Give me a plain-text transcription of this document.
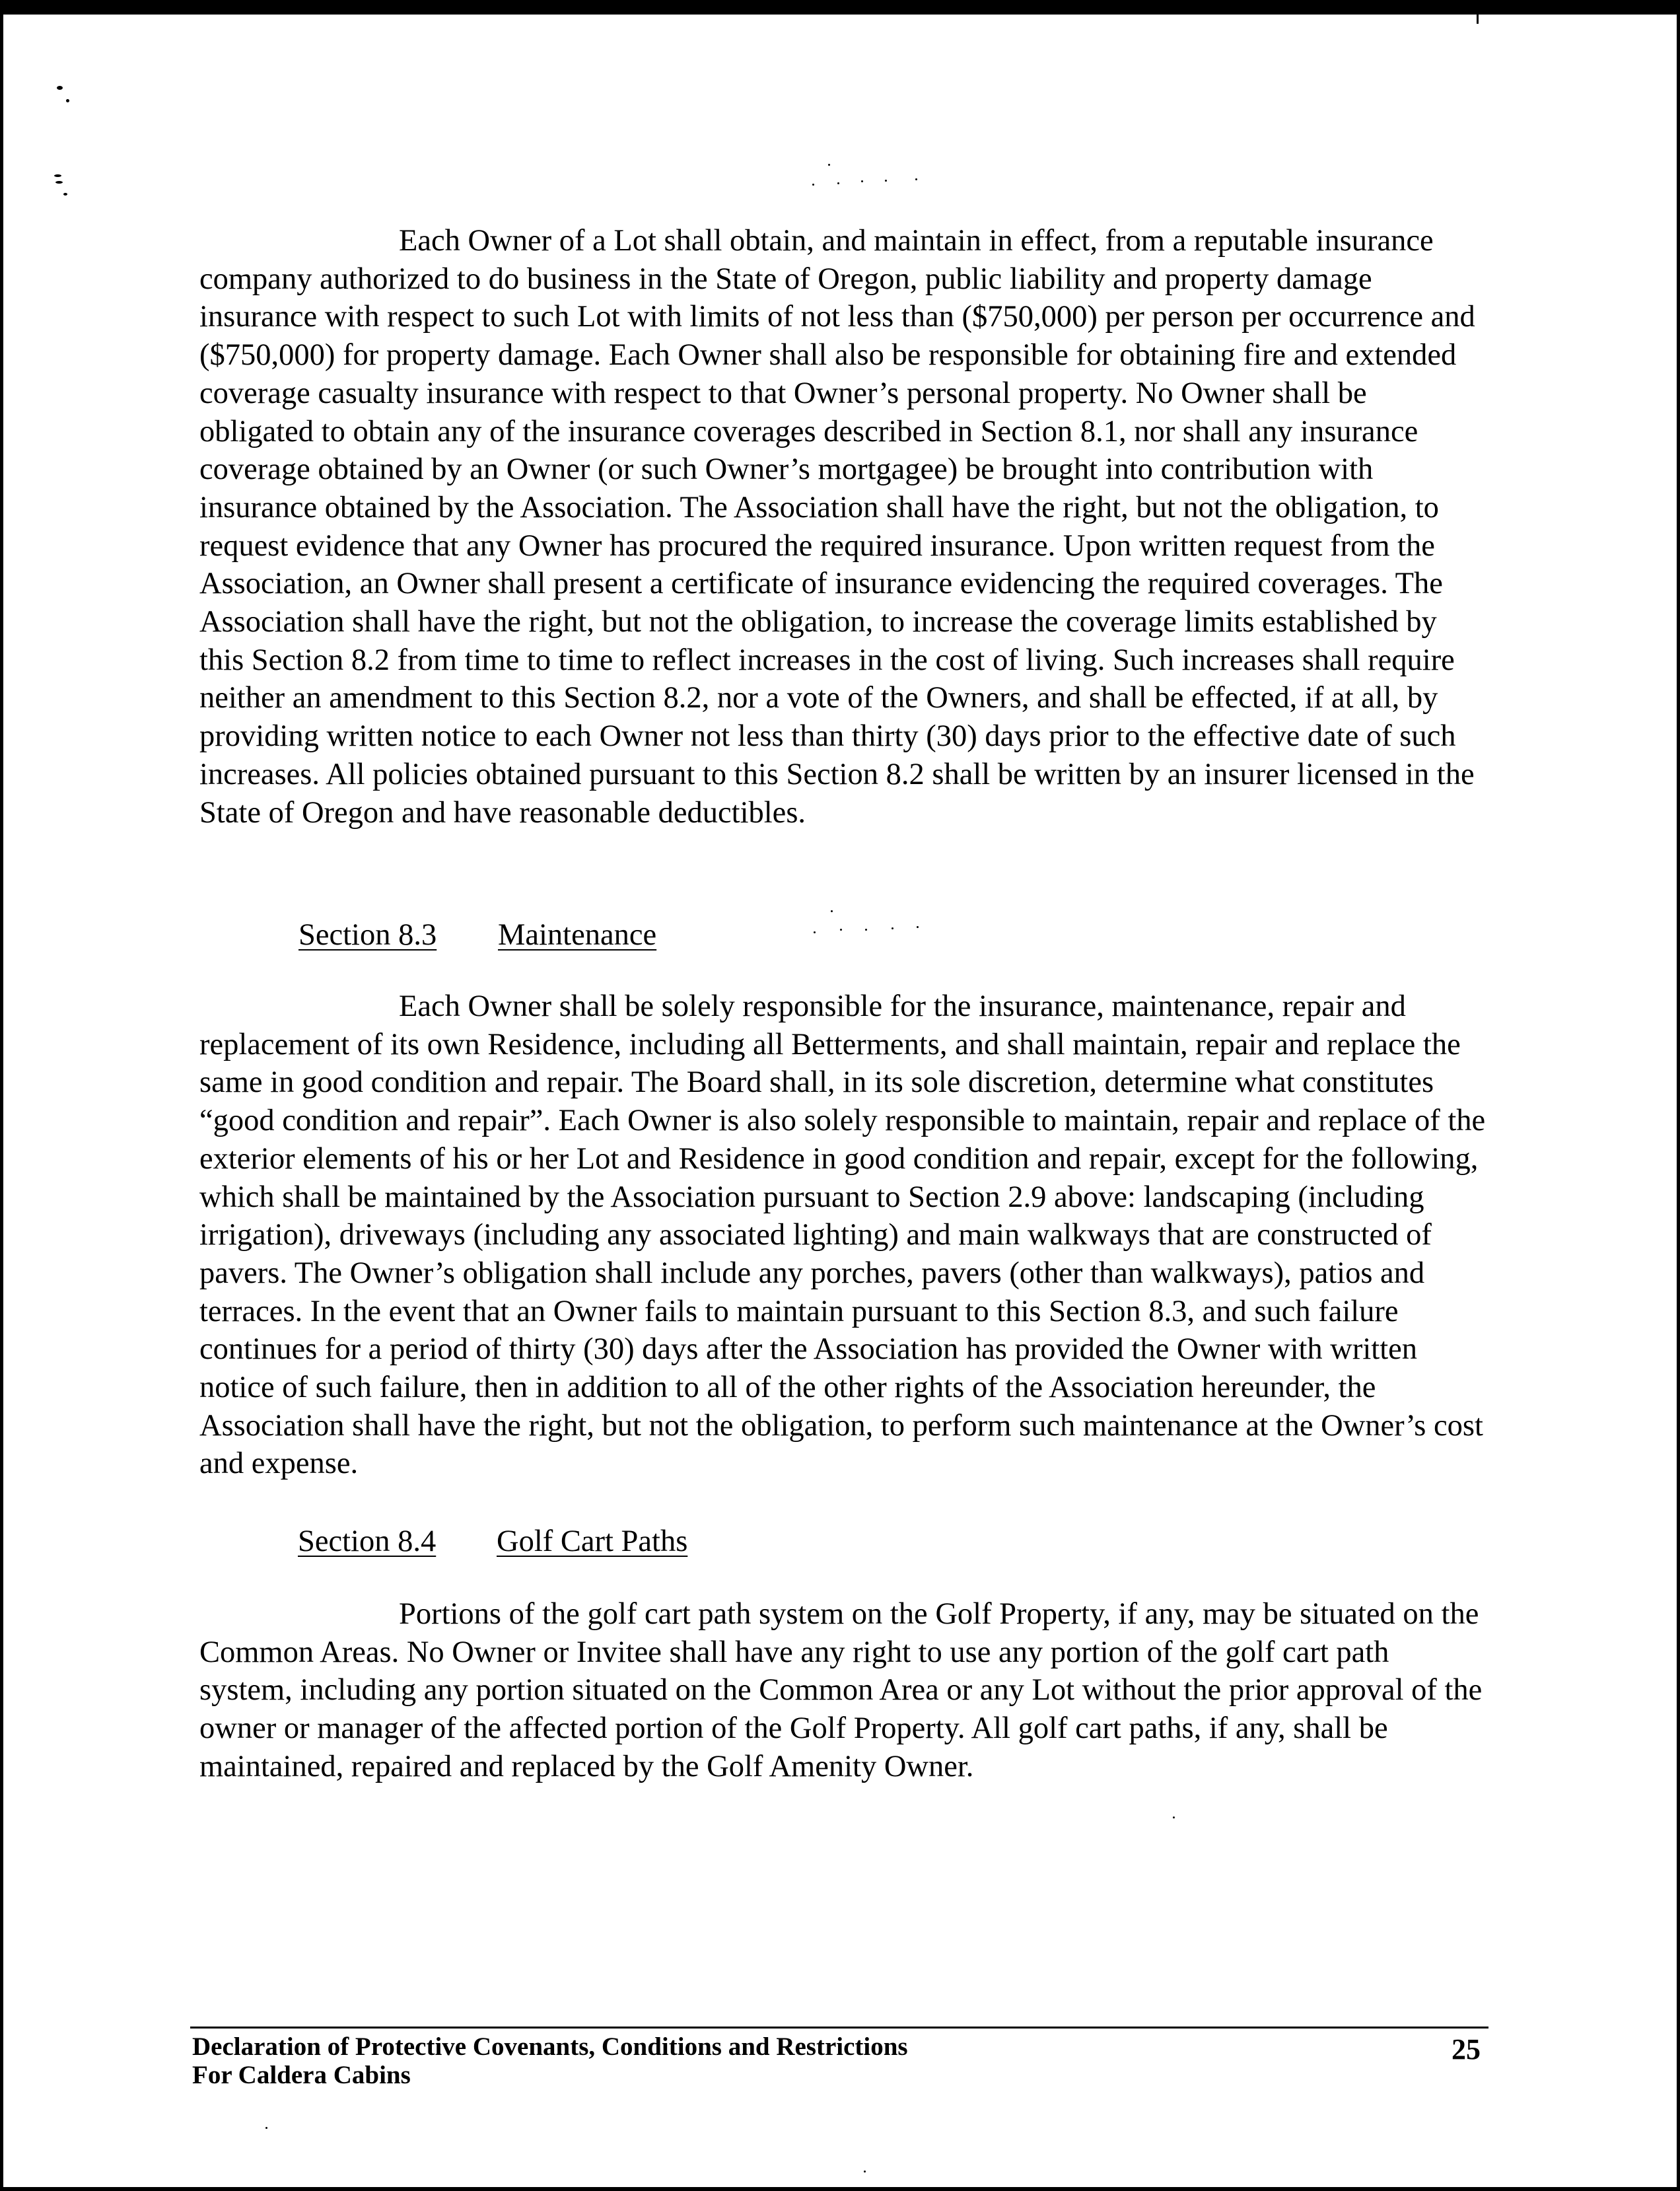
Each Owner of a Lot shall obtain, and maintain in effect, from a reputable insurance company authorized to do business in the State of Oregon, public liability and property damage insurance with respect to such Lot with limits of not less than ($750,000) per person per occurrence and ($750,000) for property damage. Each Owner shall also be responsible for obtaining fire and extended coverage casualty insurance with respect to that Owner’s personal property. No Owner shall be obligated to obtain any of the insurance coverages described in Section 8.1, nor shall any insurance coverage obtained by an Owner (or such Owner’s mortgagee) be brought into contribution with insurance obtained by the Association. The Association shall have the right, but not the obligation, to request evidence that any Owner has procured the required insurance. Upon written request from the Association, an Owner shall present a certificate of insurance evidencing the required coverages. The Association shall have the right, but not the obligation, to increase the coverage limits established by this Section 8.2 from time to time to reflect increases in the cost of living. Such increases shall require neither an amendment to this Section 8.2, nor a vote of the Owners, and shall be effected, if at all, by providing written notice to each Owner not less than thirty (30) days prior to the effective date of such increases. All policies obtained pursuant to this Section 8.2 shall be written by an insurer licensed in the State of Oregon and have reasonable deductibles.

Section 8.3 Maintenance

Each Owner shall be solely responsible for the insurance, maintenance, repair and replacement of its own Residence, including all Betterments, and shall maintain, repair and replace the same in good condition and repair. The Board shall, in its sole discretion, determine what constitutes “good condition and repair”. Each Owner is also solely responsible to maintain, repair and replace of the exterior elements of his or her Lot and Residence in good condition and repair, except for the following, which shall be maintained by the Association pursuant to Section 2.9 above: landscaping (including irrigation), driveways (including any associated lighting) and main walkways that are constructed of pavers. The Owner’s obligation shall include any porches, pavers (other than walkways), patios and terraces. In the event that an Owner fails to maintain pursuant to this Section 8.3, and such failure continues for a period of thirty (30) days after the Association has provided the Owner with written notice of such failure, then in addition to all of the other rights of the Association hereunder, the Association shall have the right, but not the obligation, to perform such maintenance at the Owner’s cost and expense.

Section 8.4 Golf Cart Paths

Portions of the golf cart path system on the Golf Property, if any, may be situated on the Common Areas. No Owner or Invitee shall have any right to use any portion of the golf cart path system, including any portion situated on the Common Area or any Lot without the prior approval of the owner or manager of the affected portion of the Golf Property. All golf cart paths, if any, shall be maintained, repaired and replaced by the Golf Amenity Owner.

Declaration of Protective Covenants, Conditions and Restrictions
For Caldera Cabins

25
